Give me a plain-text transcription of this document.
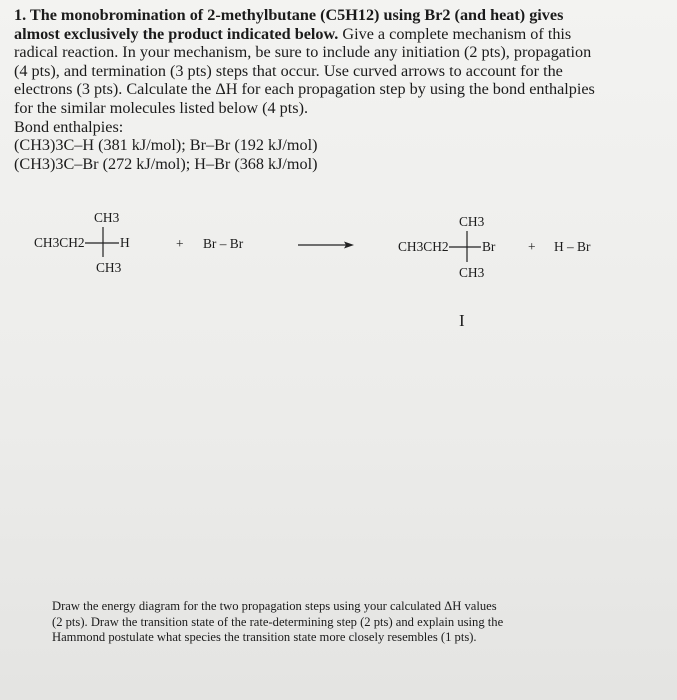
1. The monobromination of 2-methylbutane (C5H12) using Br2 (and heat) gives
almost exclusively the product indicated below. Give a complete mechanism of this
radical reaction. In your mechanism, be sure to include any initiation (2 pts), propagation
(4 pts), and termination (3 pts) steps that occur. Use curved arrows to account for the
electrons (3 pts). Calculate the ΔH for each propagation step by using the bond enthalpies
for the similar molecules listed below (4 pts).
Bond enthalpies:
(CH3)3C–H (381 kJ/mol); Br–Br (192 kJ/mol)
(CH3)3C–Br (272 kJ/mol); H–Br (368 kJ/mol)
CH3
CH3CH2	H
CH3
+ Br – Br
CH3
CH3CH2 Br
CH3
+ H – Br
I
Draw the energy diagram for the two propagation steps using your calculated ΔH values
(2 pts). Draw the transition state of the rate-determining step (2 pts) and explain using the
Hammond postulate what species the transition state more closely resembles (1 pts).
